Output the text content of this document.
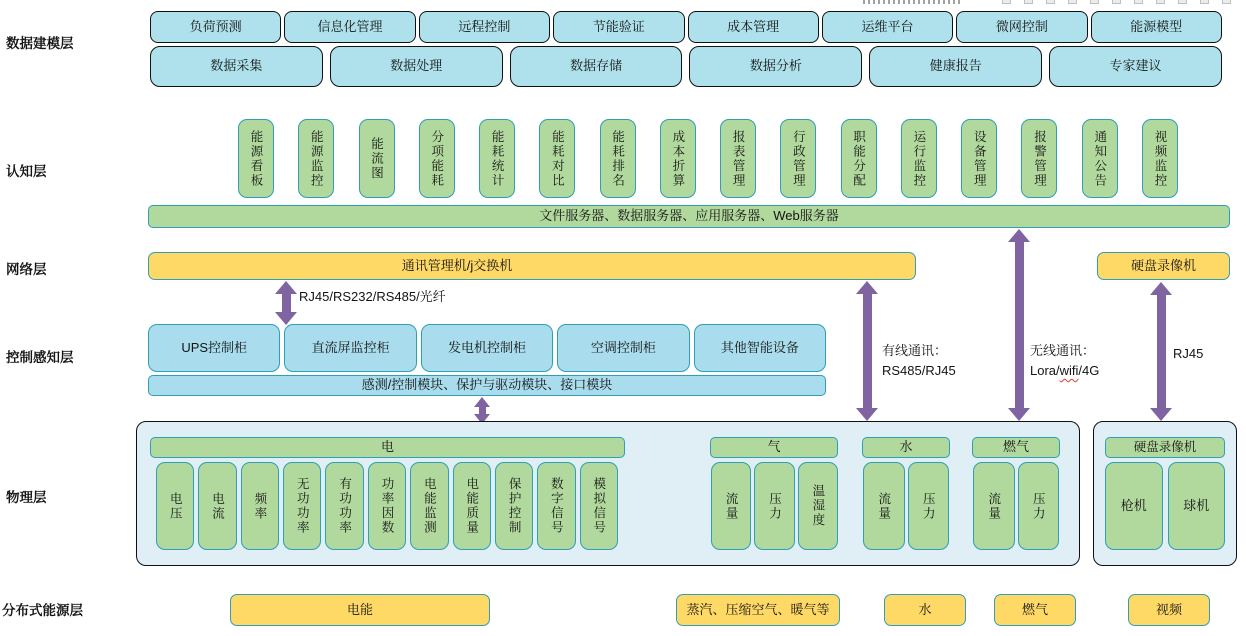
数据建模层
认知层
网络层
控制感知层
物理层
分布式能源层
负荷预测	信息化管理	远程控制	节能验证	成本管理	运维平台	微网控制	能源模型
数据采集	数据处理	数据存储	数据分析	健康报告	专家建议
能源看板	能源监控	能流图	分项能耗	能耗统计	能耗对比	能耗排名	成本折算	报表管理	行政管理	职能分配	运行监控	设备管理	报警管理	通知公告	视频监控
文件服务器、数据服务器、应用服务器、Web服务器
通讯管理机/j交换机	硬盘录像机
RJ45/RS232/RS485/光纤
有线通讯：
RS485/RJ45
无线通讯：
Lora/wifi/4G
RJ45
UPS控制柜	直流屏监控柜	发电机控制柜	空调控制柜	其他智能设备
感测/控制模块、保护与驱动模块、接口模块
电
电压	电流	频率	无功功率	有功功率	功率因数	电能监测	电能质量	保护控制	数字信号	模拟信号
气
流量	压力	温湿度
水
流量	压力
燃气
流量	压力
硬盘录像机
枪机	球机
电能	蒸汽、压缩空气、暖气等	水	燃气	视频
